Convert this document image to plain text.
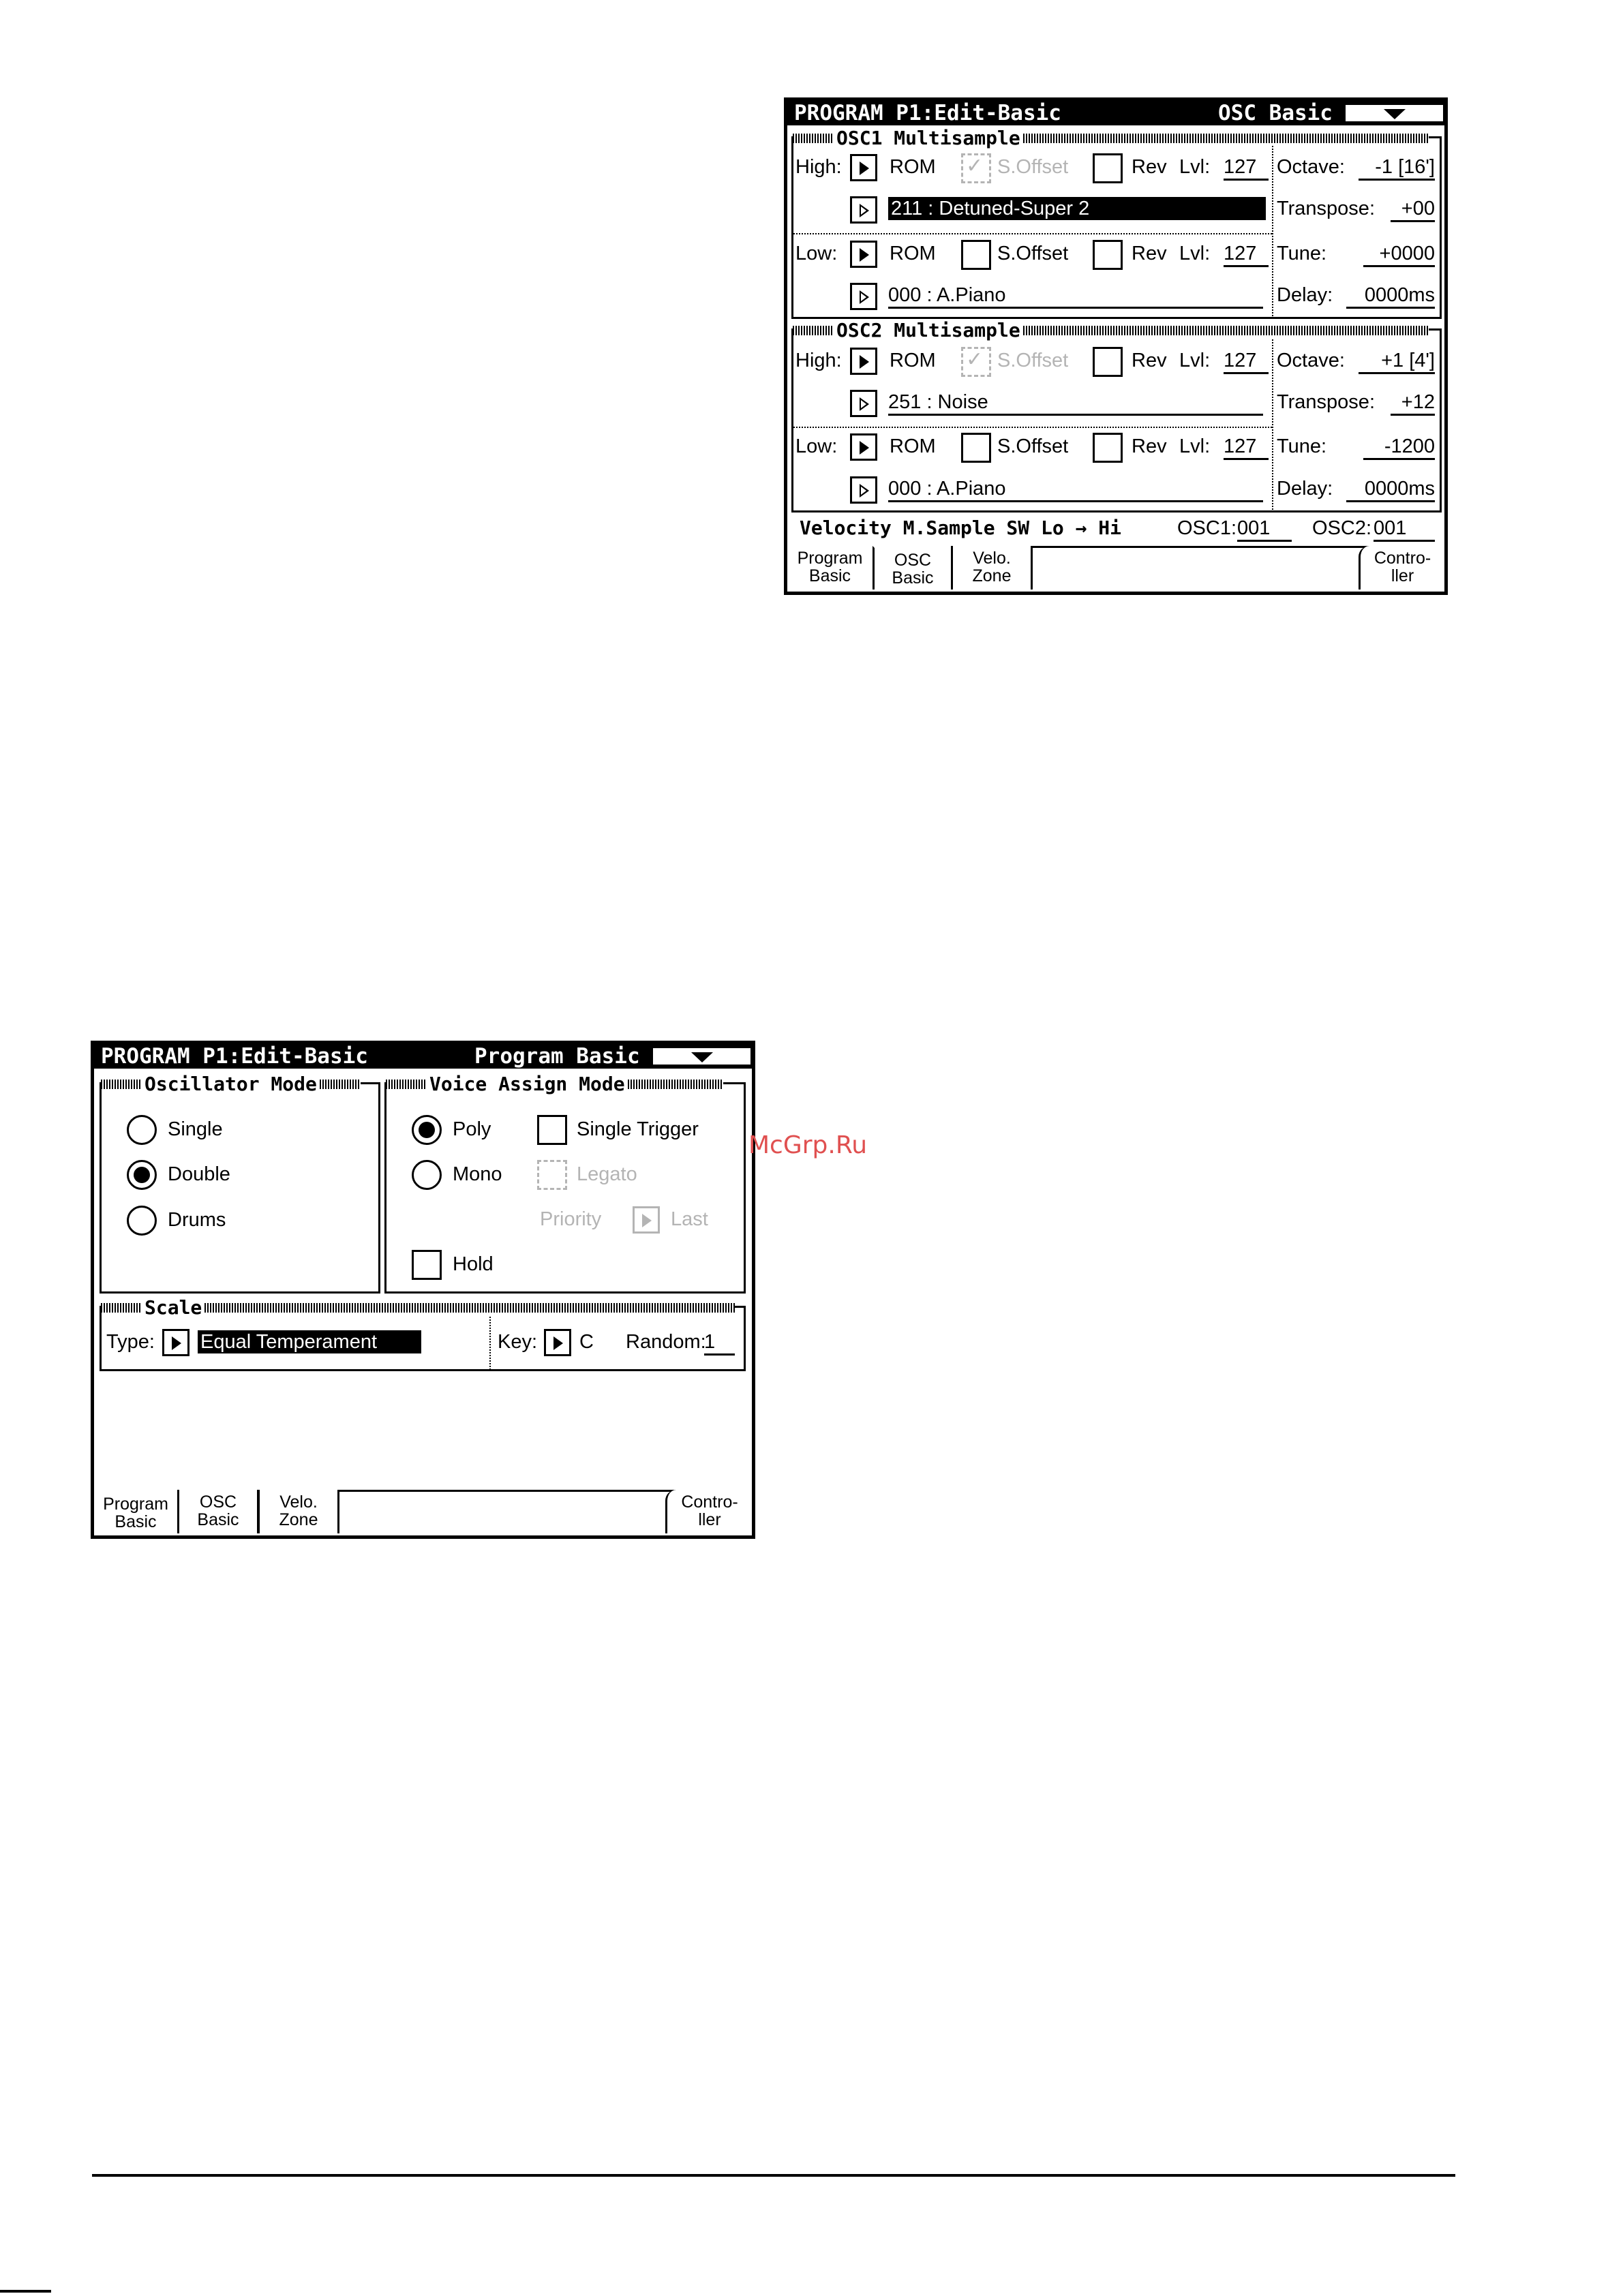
PROGRAM P1:Edit-Basic	OSC Basic
OSC1 Multisample
High: ROM ✓ S.Offset	Rev Lvl: 127
211 : Detuned-Super 2
Low:	ROM	S.Offset	Rev Lvl: 127
000 : A.Piano
Octave:	-1 [16']
Transpose:	+00
Tune:	+0000
Delay:	0000ms
OSC2 Multisample
High: ROM ✓ S.Offset	Rev Lvl: 127
251 : Noise
Low:	ROM	S.Offset	Rev Lvl: 127
000 : A.Piano
Octave:	+1 [4']
Transpose:	+12
Tune:	-1200
Delay:	0000ms
Velocity M.Sample SW Lo → Hi	OSC1: 001	OSC2: 001
Program
Basic
OSC
Basic
Velo.
Zone
Contro-
ller
PROGRAM P1:Edit-Basic	Program Basic
Oscillator Mode
Single
Double
Drums
Voice Assign Mode
Poly
Mono
Single Trigger
Legato
Priority	Last
Hold
Scale
Type: Equal Temperament	Key: C Random:
1
Program
Basic
OSC
Basic
Velo.
Zone
Contro-
ller
McGrp.Ru
